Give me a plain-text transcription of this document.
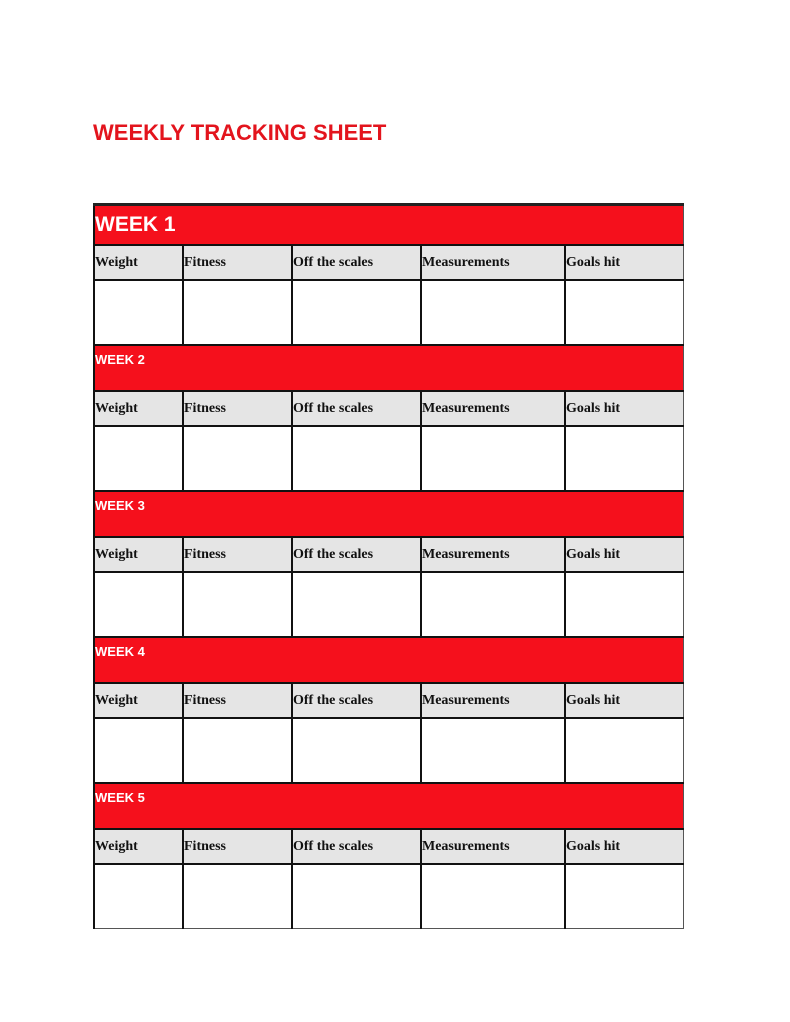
WEEKLY TRACKING SHEET
WEEK 1				
Weight	Fitness	Off the scales	Measurements	Goals hit

WEEK 2				
Weight	Fitness	Off the scales	Measurements	Goals hit

WEEK 3				
Weight	Fitness	Off the scales	Measurements	Goals hit

WEEK 4				
Weight	Fitness	Off the scales	Measurements	Goals hit

WEEK 5				
Weight	Fitness	Off the scales	Measurements	Goals hit
